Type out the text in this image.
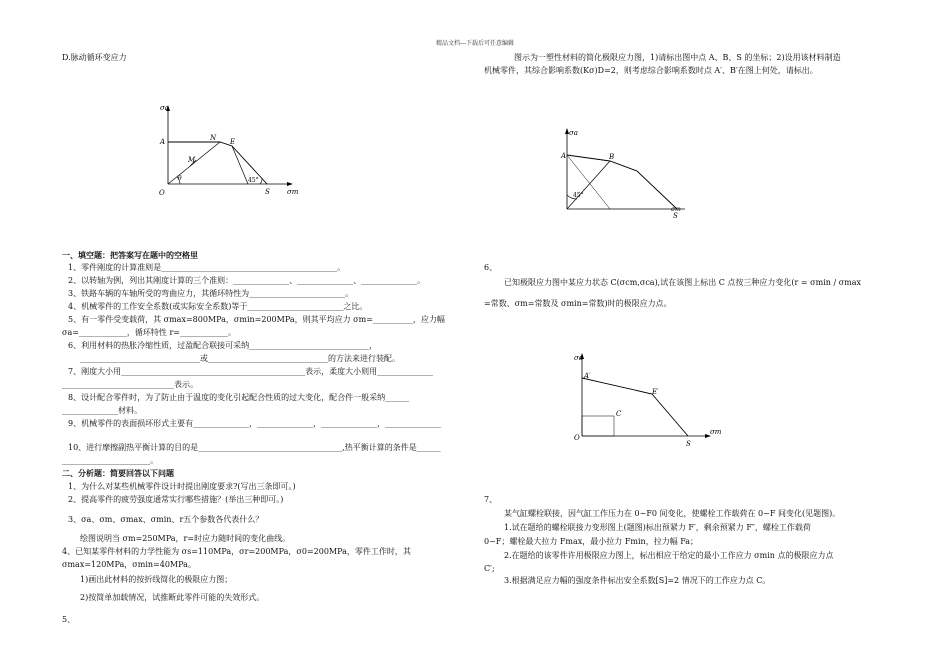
精品文档---下载后可任意编辑
D.脉动循环变应力
σa
σm
A	N E
M
O	S
θ	45°
一、填空题：把答案写在题中的空格里
1、零件刚度的计算准则是____________________________________________。
2、以转轴为例，列出其刚度计算的三个准则：______________、______________、______________。
3、铁路车辆的车轴所受的弯曲应力，其循环特性为________________________。
4、机械零件的工作安全系数(或实际安全系数)等于________________________之比。
5、有一零件受变载荷，其 σmax=800MPa，σmin=200MPa，则其平均应力 σm=__________，应力幅
σa=____________，循环特性 r=____________。
6、利用材料的热胀冷缩性质，过盈配合联接可采纳______________________________，
______________________________或______________________________的方法来进行装配。
7、刚度大小用______________________________________________表示，柔度大小则用______________
____________________________表示。
8、设计配合零件时，为了防止由于温度的变化引起配合性质的过大变化，配合件一般采纳______
______________材料。
9、机械零件的表面损坏形式主要有______________，______________，______________，______________
10、进行摩擦副热平衡计算的目的是____________________________________,热平衡计算的条件是______
______________________。
二、分析题：简要回答以下问题
1、为什么对某些机械零件设计时提出刚度要求?(写出三条即可。)
2、提高零件的疲劳强度通常实行哪些措施？(举出三种即可。)
3、σa、σm、σmax、σmin、r五个参数各代表什么？
绘图说明当 σm=250MPa，r=时应力随时间的变化曲线。
4、已知某零件材料的力学性能为 σs=110MPa，σr=200MPa，σ0=200MPa，零件工作时，其
σmax=120MPa，σmin=40MPa。
1)画出此材料的按折线简化的极限应力图；
2)按简单加载情况，试推断此零件可能的失效形式。
5、
图示为一塑性材料的简化极限应力图，1)请标出图中点 A、B、S 的坐标；2)设用该材料制造
机械零件，其综合影响系数(Kσ)D=2，则考虑综合影响系数时点 A′、B′在图上何处，请标出。
σa
σm
A	B
S
45°
6、
已知极限应力图中某应力状态 C(σcm,σca),试在该图上标出 C 点按三种应力变化(r = σmin / σmax
=常数、σm=常数及 σmin=常数)时的极限应力点。
σa
σm
A′
E′
C
O
S
7、
某气缸螺栓联接，因气缸工作压力在 0~F0 间变化，使螺栓工作载荷在 0~F 间变化(见题图)。
1.试在题给的螺栓联接力变形图上(题图)标出预紧力 F′，剩余预紧力 F″，螺栓工作载荷
0~F；螺栓最大拉力 Fmax，最小拉力 Fmin，拉力幅 Fa；
2.在题给的该零件许用极限应力图上，标出相应于给定的最小工作应力 σmin 点的极限应力点
C′;
3.根据满足应力幅的强度条件标出安全系数[S]=2 情况下的工作应力点 C。
